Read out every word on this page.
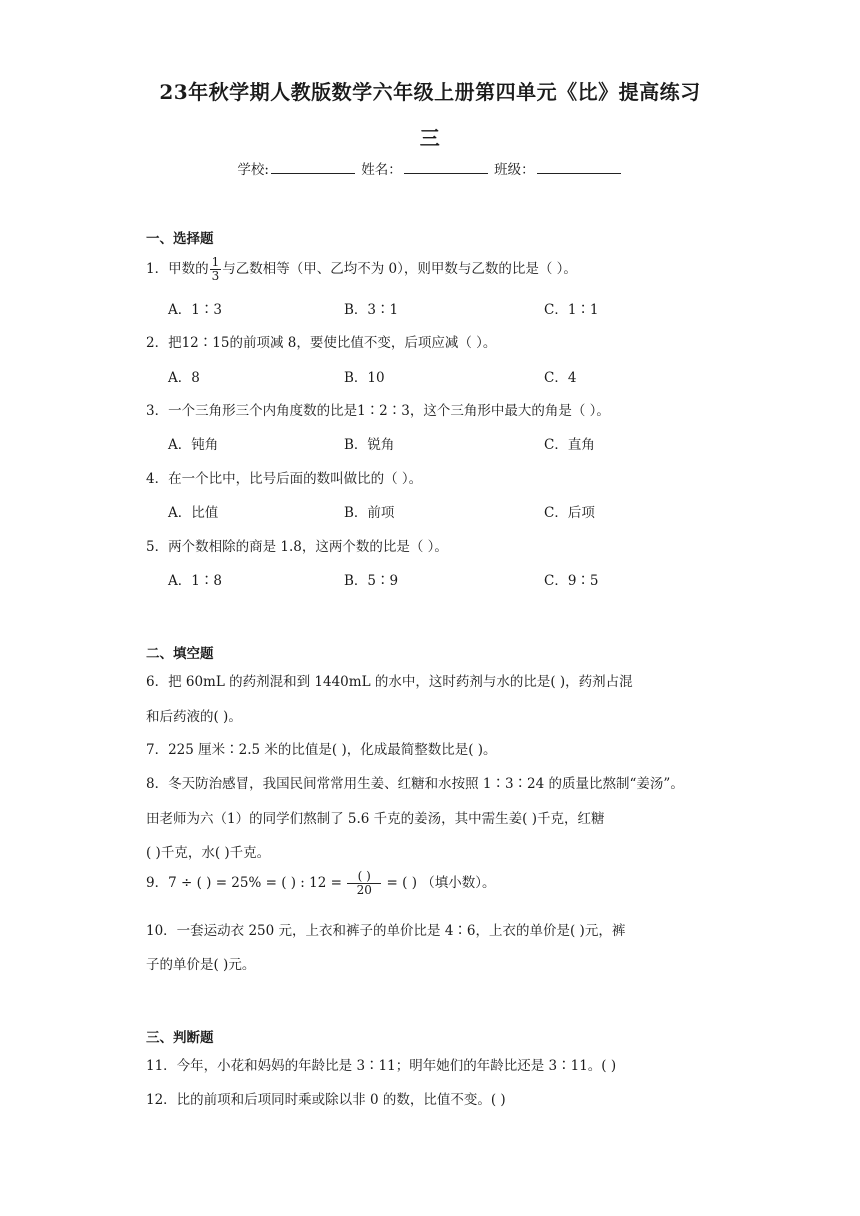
23年秋学期人教版数学六年级上册第四单元《比》提高练习
三
学校:	姓名：	班级：
一、选择题
1．甲数的 $\frac{1}{3}$ 与乙数相等（甲、乙均不为 0），则甲数与乙数的比是（ ）。
A．1∶3	B．3∶1	C．1∶1
2．把12∶15的前项减 8，要使比值不变，后项应减（ ）。
A．8	B．10	C．4
3．一个三角形三个内角度数的比是1∶2∶3，这个三角形中最大的角是（ ）。
A．钝角	B．锐角	C．直角
4．在一个比中，比号后面的数叫做比的（ ）。
A．比值	B．前项	C．后项
5．两个数相除的商是 1.8，这两个数的比是（ ）。
A．1∶8	B．5∶9	C．9∶5
二、填空题
6．把 60mL 的药剂混和到 1440mL 的水中，这时药剂与水的比是( )，药剂占混
和后药液的( )。
7．225 厘米∶2.5 米的比值是( )，化成最简整数比是( )。
8．冬天防治感冒，我国民间常常用生姜、红糖和水按照 1∶3∶24 的质量比熬制“姜汤”。
田老师为六（1）的同学们熬制了 5.6 千克的姜汤，其中需生姜( )千克，红糖
( )千克，水( )千克。
9．7 ÷ ( ) = 25% = ( ) : $12 = \frac{( )}{20}$ = ( ) （填小数）。
10．一套运动衣 250 元，上衣和裤子的单价比是 4∶6，上衣的单价是( )元，裤
子的单价是( )元。
三、判断题
11．今年，小花和妈妈的年龄比是 3∶11；明年她们的年龄比还是 3∶11。( )
12．比的前项和后项同时乘或除以非 0 的数，比值不变。( )
